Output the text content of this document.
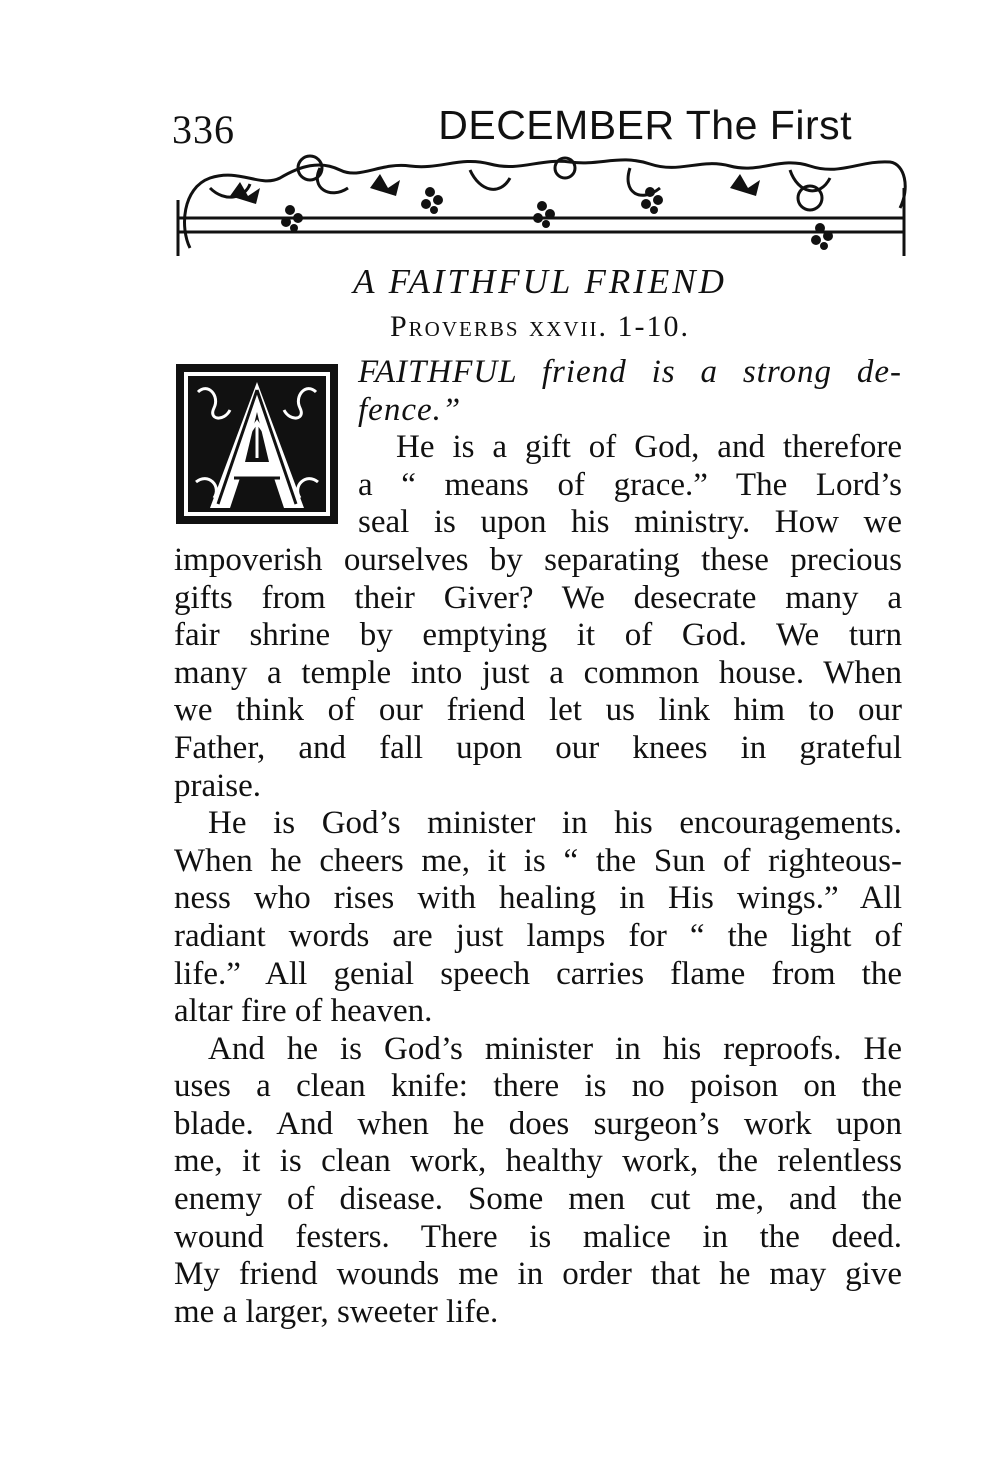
336	DECEMBER The First
A FAITHFUL FRIEND
Proverbs xxvii. 1-10.
FAITHFUL friend is a strong de-
fence.”
He is a gift of God, and therefore
a “ means of grace.” The Lord’s
seal is upon his ministry. How we
impoverish ourselves by separating these precious
gifts from their Giver? We desecrate many a
fair shrine by emptying it of God. We turn
many a temple into just a common house. When
we think of our friend let us link him to our
Father, and fall upon our knees in grateful
praise.
He is God’s minister in his encouragements.
When he cheers me, it is “ the Sun of righteous-
ness who rises with healing in His wings.” All
radiant words are just lamps for “ the light of
life.” All genial speech carries flame from the
altar fire of heaven.
And he is God’s minister in his reproofs. He
uses a clean knife: there is no poison on the
blade. And when he does surgeon’s work upon
me, it is clean work, healthy work, the relentless
enemy of disease. Some men cut me, and the
wound festers. There is malice in the deed.
My friend wounds me in order that he may give
me a larger, sweeter life.
